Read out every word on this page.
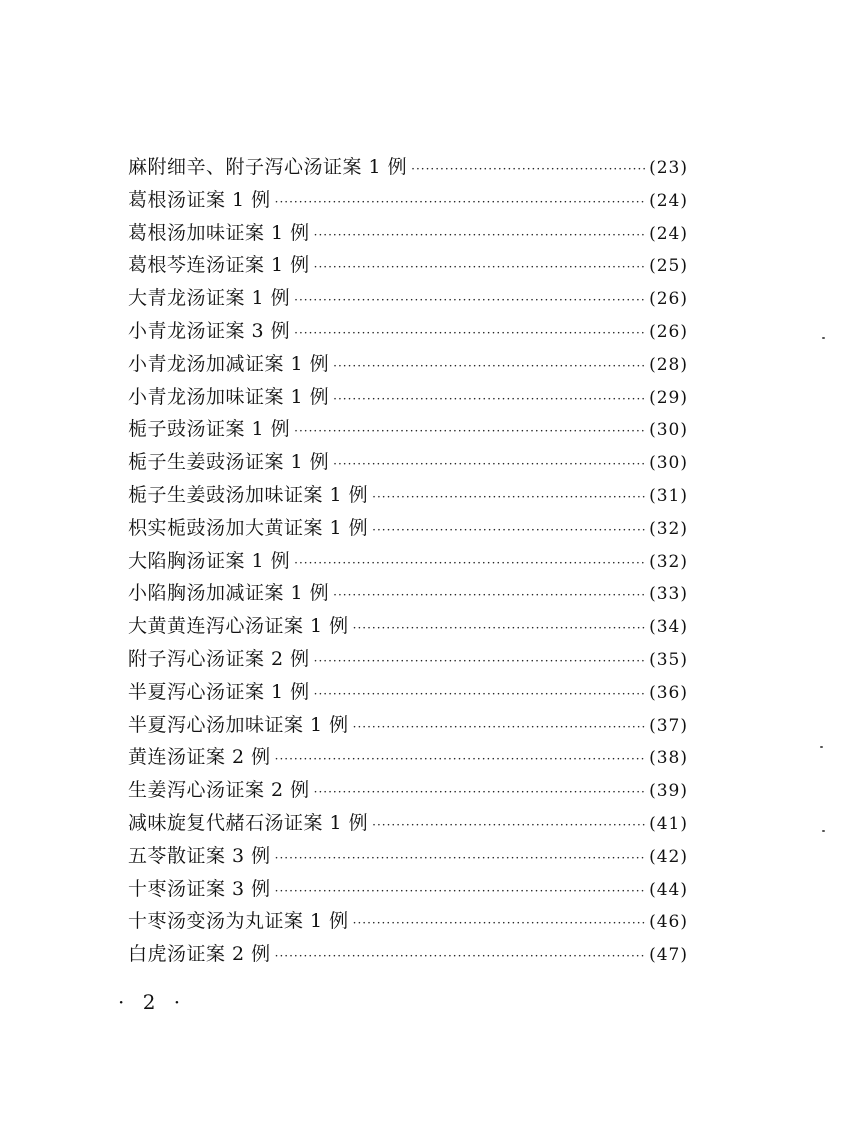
麻附细辛、附子泻心汤证案 1 例 ·····	(23)
葛根汤证案 1 例 ·····	(24)
葛根汤加味证案 1 例 ·····	(24)
葛根芩连汤证案 1 例 ·····	(25)
大青龙汤证案 1 例 ·····	(26)
小青龙汤证案 3 例 ·····	(26)
小青龙汤加减证案 1 例 ·····	(28)
小青龙汤加味证案 1 例 ·····	(29)
栀子豉汤证案 1 例 ·····	(30)
栀子生姜豉汤证案 1 例 ·····	(30)
栀子生姜豉汤加味证案 1 例 ·····	(31)
枳实栀豉汤加大黄证案 1 例 ·····	(32)
大陷胸汤证案 1 例 ·····	(32)
小陷胸汤加减证案 1 例 ·····	(33)
大黄黄连泻心汤证案 1 例 ·····	(34)
附子泻心汤证案 2 例 ·····	(35)
半夏泻心汤证案 1 例 ·····	(36)
半夏泻心汤加味证案 1 例 ·····	(37)
黄连汤证案 2 例 ·····	(38)
生姜泻心汤证案 2 例 ·····	(39)
减味旋复代赭石汤证案 1 例 ·····	(41)
五苓散证案 3 例 ·····	(42)
十枣汤证案 3 例 ·····	(44)
十枣汤变汤为丸证案 1 例 ·····	(46)
白虎汤证案 2 例 ·····	(47)
· 2 ·
